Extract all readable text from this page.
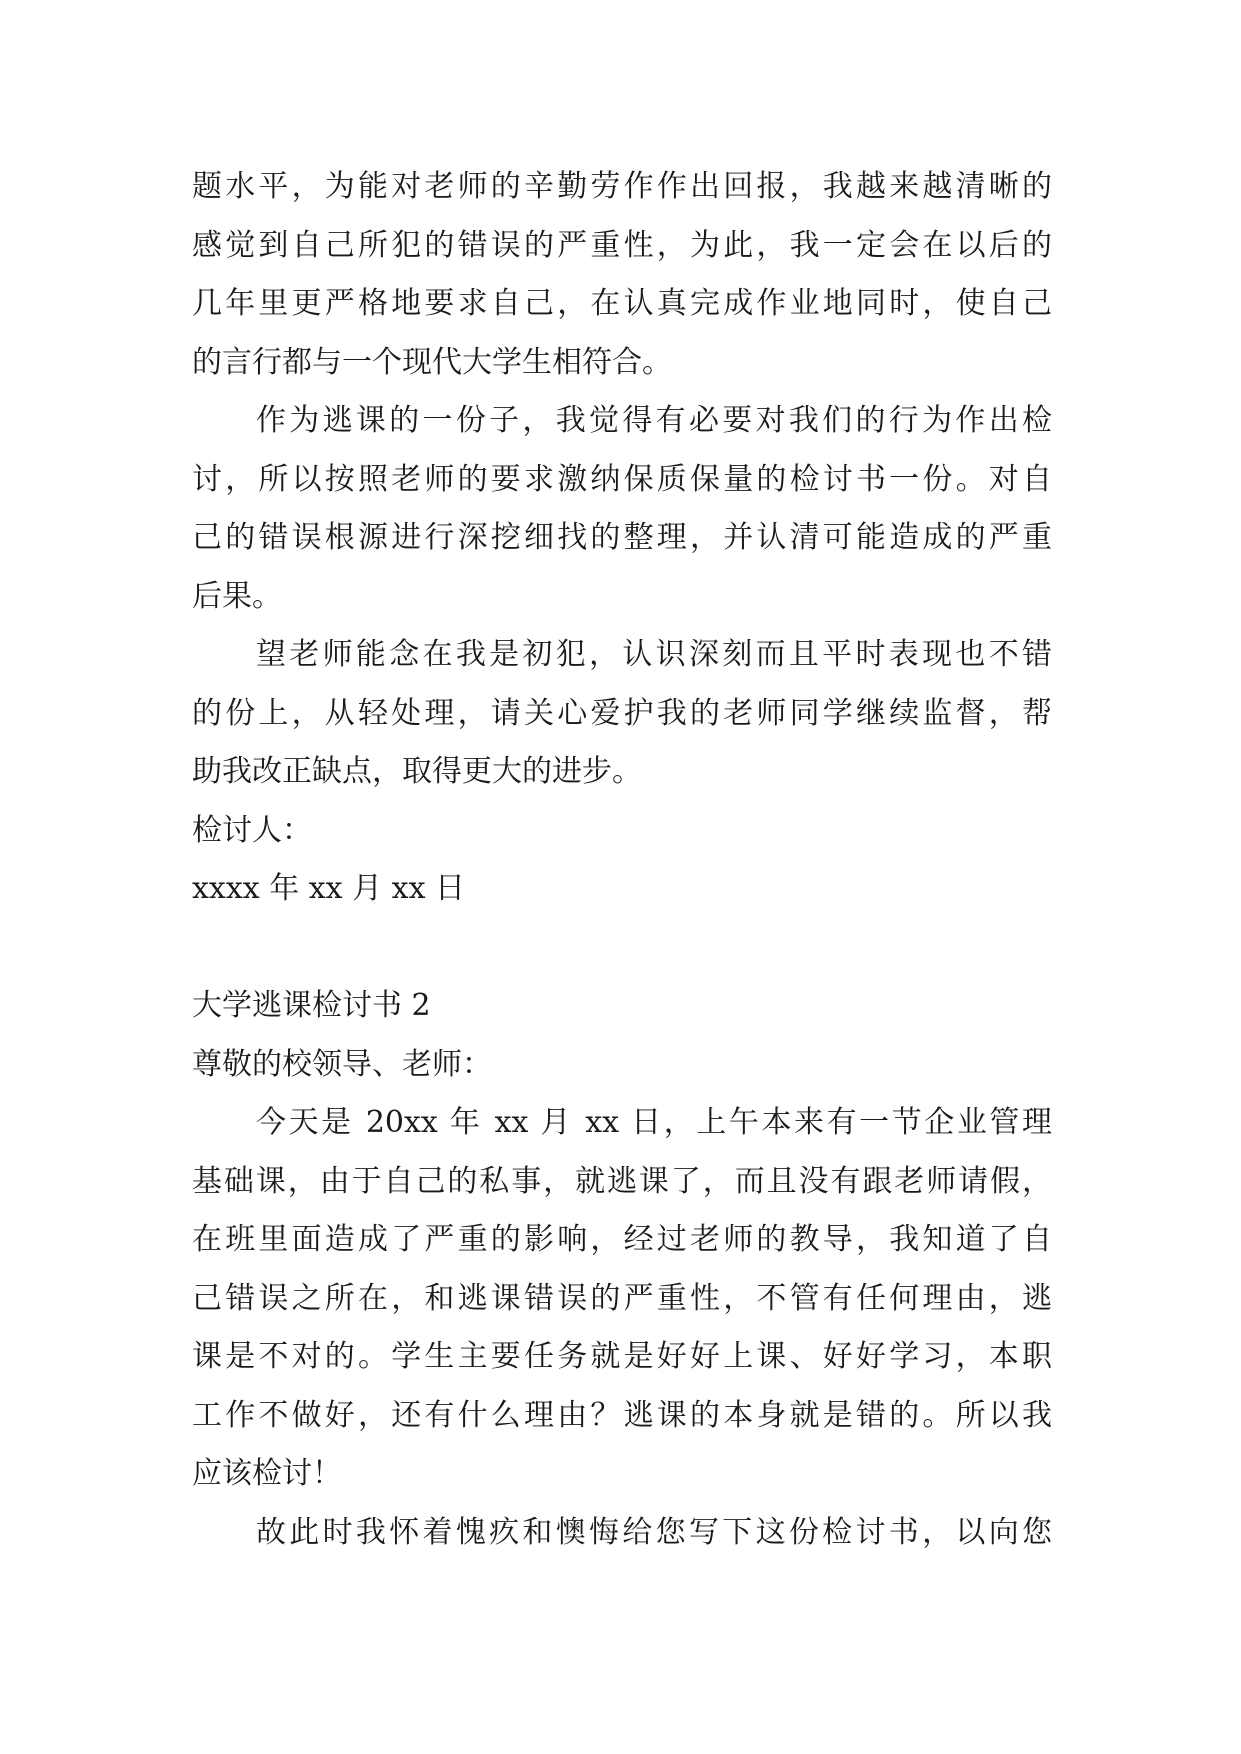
题水平，为能对老师的辛勤劳作作出回报，我越来越清晰的
感觉到自己所犯的错误的严重性，为此，我一定会在以后的
几年里更严格地要求自己，在认真完成作业地同时，使自己
的言行都与一个现代大学生相符合。
作为逃课的一份子，我觉得有必要对我们的行为作出检
讨，所以按照老师的要求激纳保质保量的检讨书一份。对自
己的错误根源进行深挖细找的整理，并认清可能造成的严重
后果。
望老师能念在我是初犯，认识深刻而且平时表现也不错
的份上，从轻处理，请关心爱护我的老师同学继续监督，帮
助我改正缺点，取得更大的进步。
检讨人：
xxxx 年 xx 月 xx 日
大学逃课检讨书 2
尊敬的校领导、老师：
今天是 20xx 年 xx 月 xx 日，上午本来有一节企业管理
基础课，由于自己的私事，就逃课了，而且没有跟老师请假，
在班里面造成了严重的影响，经过老师的教导，我知道了自
己错误之所在，和逃课错误的严重性，不管有任何理由，逃
课是不对的。学生主要任务就是好好上课、好好学习，本职
工作不做好，还有什么理由？逃课的本身就是错的。所以我
应该检讨！
故此时我怀着愧疚和懊悔给您写下这份检讨书，以向您
